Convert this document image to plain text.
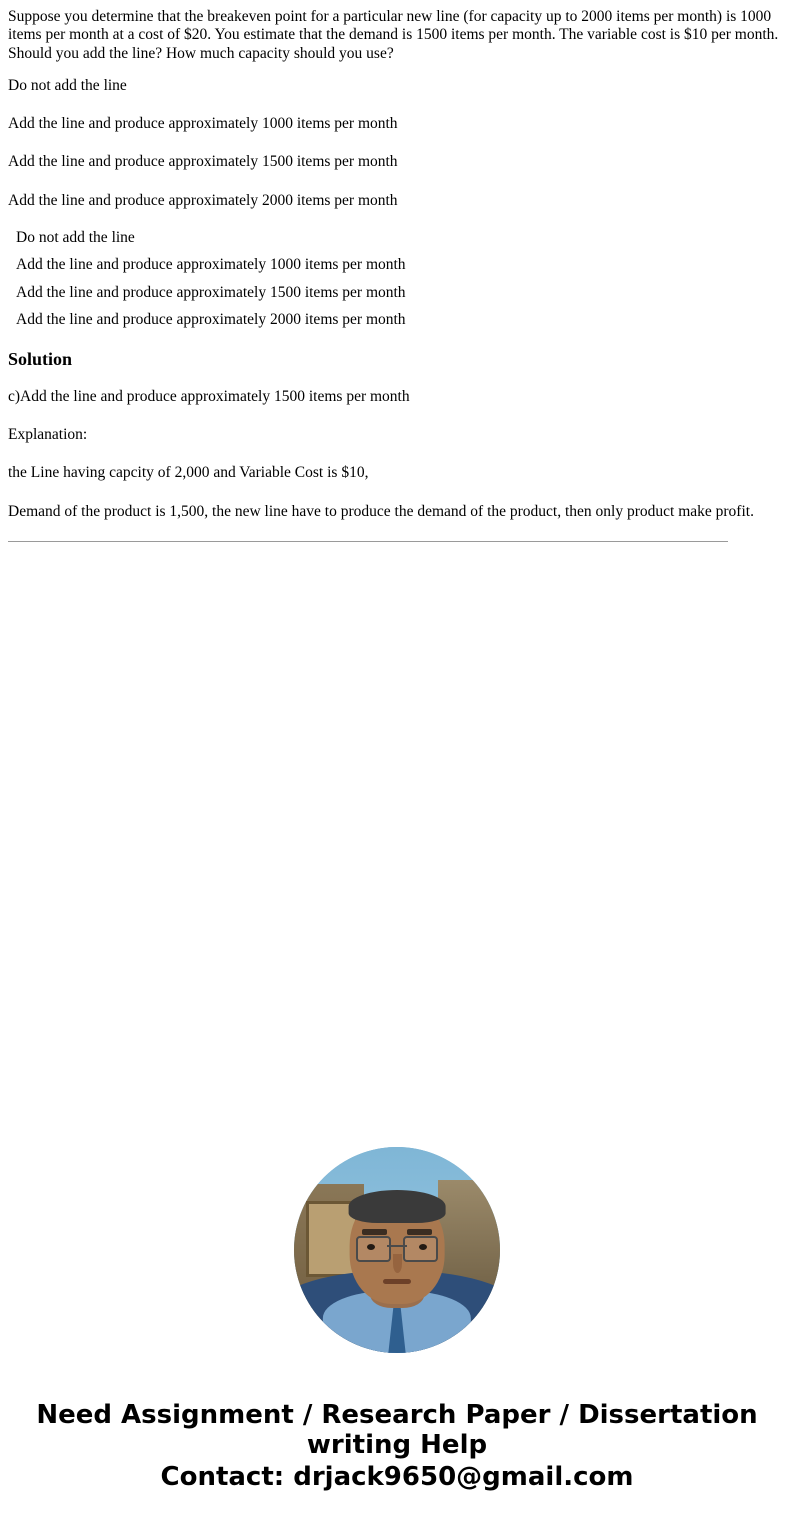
Suppose you determine that the breakeven point for a particular new line (for capacity up to 2000 items per month) is 1000 items per month at a cost of $20. You estimate that the demand is 1500 items per month. The variable cost is $10 per month. Should you add the line? How much capacity should you use?

Do not add the line

Add the line and produce approximately 1000 items per month

Add the line and produce approximately 1500 items per month

Add the line and produce approximately 2000 items per month

Do not add the line
Add the line and produce approximately 1000 items per month
Add the line and produce approximately 1500 items per month
Add the line and produce approximately 2000 items per month
Solution

c)Add the line and produce approximately 1500 items per month

Explanation:

the Line having capcity of 2,000 and Variable Cost is $10,

Demand of the product is 1,500, the new line have to produce the demand of the product, then only product make profit.

Need Assignment / Research Paper / Dissertation writing Help
Contact: drjack9650@gmail.com
